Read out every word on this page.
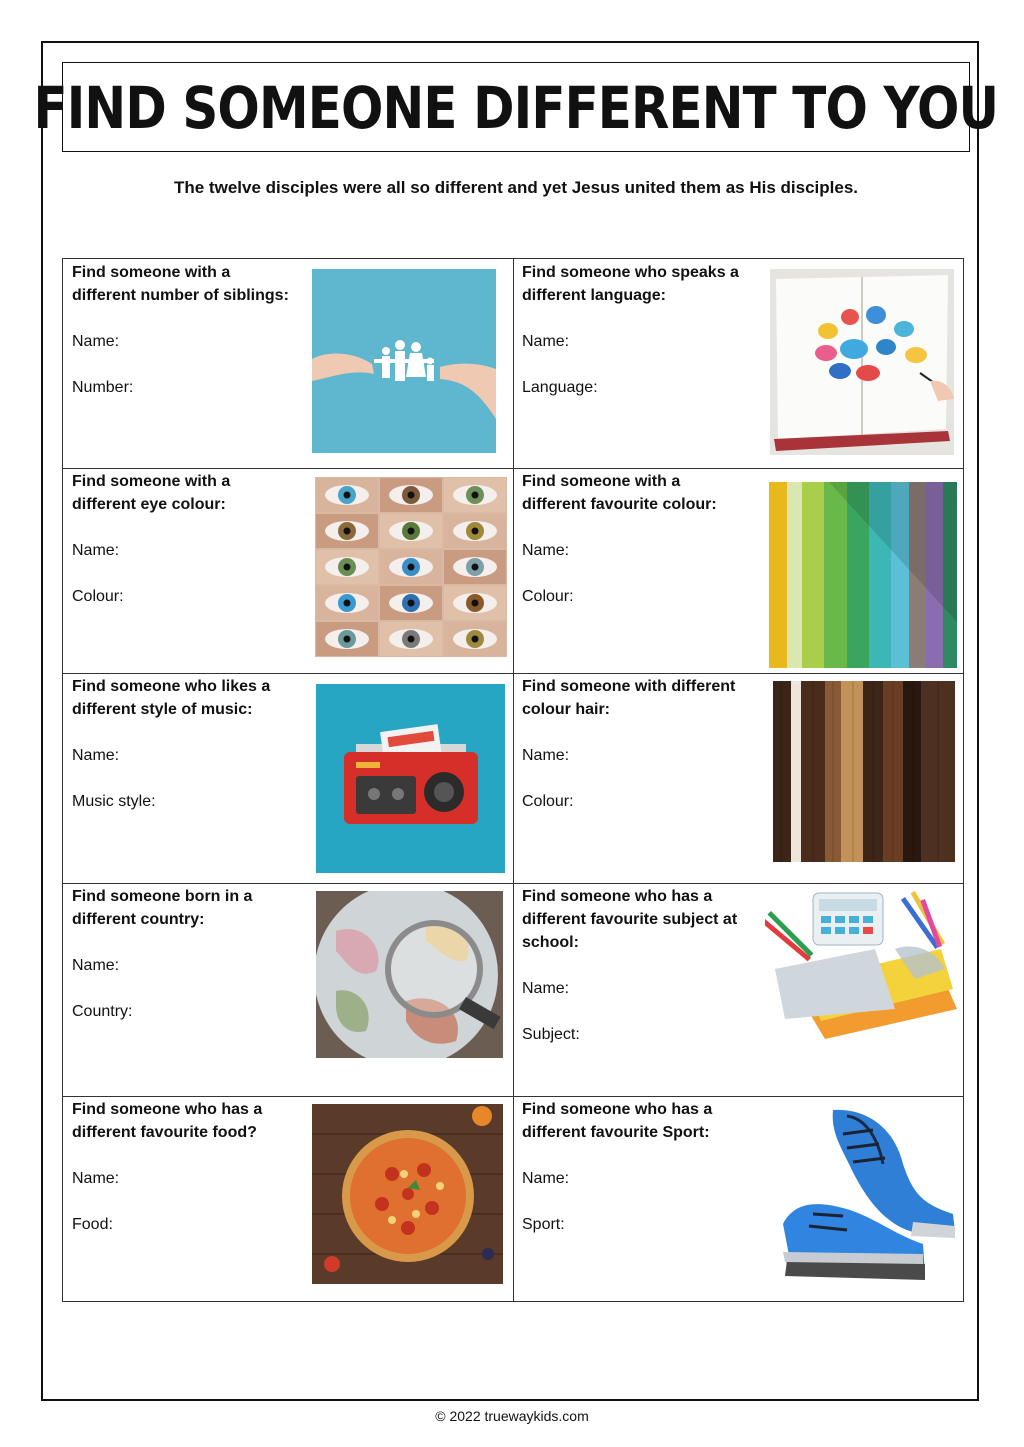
FIND SOMEONE DIFFERENT TO YOU
The twelve disciples were all so different and yet Jesus united them as His disciples.
Find someone with a
different number of siblings:
Name:
Number:
Find someone who speaks a
different language:
Name:
Language:
Find someone with a
different eye colour:
Name:
Colour:
Find someone with a
different favourite colour:
Name:
Colour:
Find someone who likes a
different style of music:
Name:
Music style:
Find someone with different
colour hair:
Name:
Colour:
Find someone born in a
different country:
Name:
Country:
Find someone who has a
different favourite subject at
school:
Name:
Subject:
Find someone who has a
different favourite food?
Name:
Food:
Find someone who has a
different favourite Sport:
Name:
Sport:
© 2022 truewaykids.com
